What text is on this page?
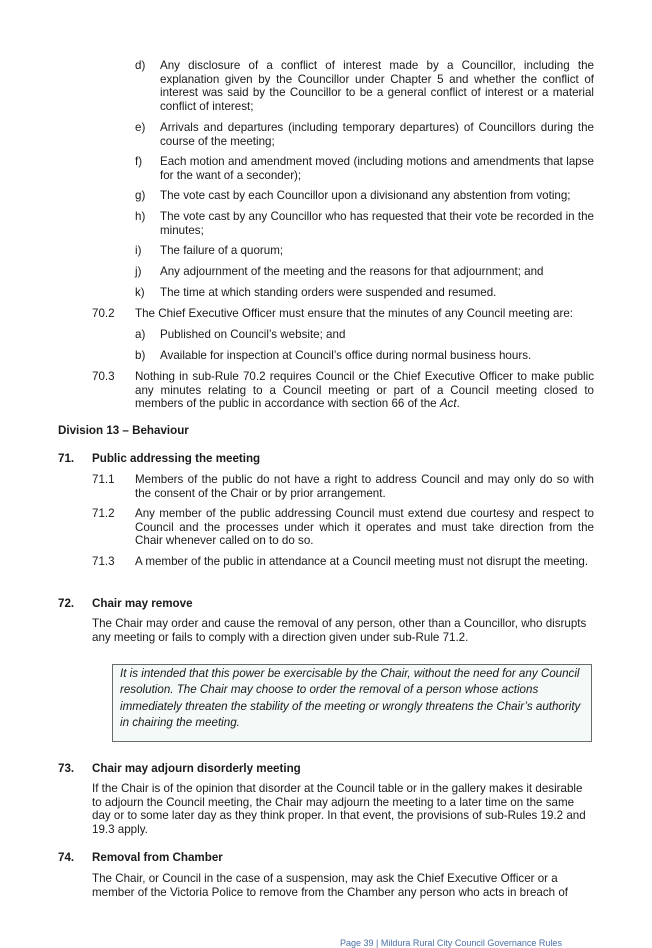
d)	Any disclosure of a conflict of interest made by a Councillor, including the explanation given by the Councillor under Chapter 5 and whether the conflict of interest was said by the Councillor to be a general conflict of interest or a material conflict of interest;
e)	Arrivals and departures (including temporary departures) of Councillors during the course of the meeting;
f)	Each motion and amendment moved (including motions and amendments that lapse for the want of a seconder);
g)	The vote cast by each Councillor upon a divisionand any abstention from voting;
h)	The vote cast by any Councillor who has requested that their vote be recorded in the minutes;
i)	The failure of a quorum;
j)	Any adjournment of the meeting and the reasons for that adjournment; and
k)	The time at which standing orders were suspended and resumed.
70.2	The Chief Executive Officer must ensure that the minutes of any Council meeting are:
a)	Published on Council’s website; and
b)	Available for inspection at Council’s office during normal business hours.
70.3	Nothing in sub-Rule 70.2 requires Council or the Chief Executive Officer to make public any minutes relating to a Council meeting or part of a Council meeting closed to members of the public in accordance with section 66 of the Act.
Division 13 – Behaviour
71. Public addressing the meeting
71.1	Members of the public do not have a right to address Council and may only do so with the consent of the Chair or by prior arrangement.
71.2	Any member of the public addressing Council must extend due courtesy and respect to Council and the processes under which it operates and must take direction from the Chair whenever called on to do so.
71.3	A member of the public in attendance at a Council meeting must not disrupt the meeting.
72. Chair may remove
The Chair may order and cause the removal of any person, other than a Councillor, who disrupts any meeting or fails to comply with a direction given under sub-Rule 71.2.
It is intended that this power be exercisable by the Chair, without the need for any Council resolution. The Chair may choose to order the removal of a person whose actions immediately threaten the stability of the meeting or wrongly threatens the Chair’s authority in chairing the meeting.
73. Chair may adjourn disorderly meeting
If the Chair is of the opinion that disorder at the Council table or in the gallery makes it desirable to adjourn the Council meeting, the Chair may adjourn the meeting to a later time on the same day or to some later day as they think proper. In that event, the provisions of sub-Rules 19.2 and 19.3 apply.
74. Removal from Chamber
The Chair, or Council in the case of a suspension, may ask the Chief Executive Officer or a member of the Victoria Police to remove from the Chamber any person who acts in breach of
Page 39 | Mildura Rural City Council Governance Rules
